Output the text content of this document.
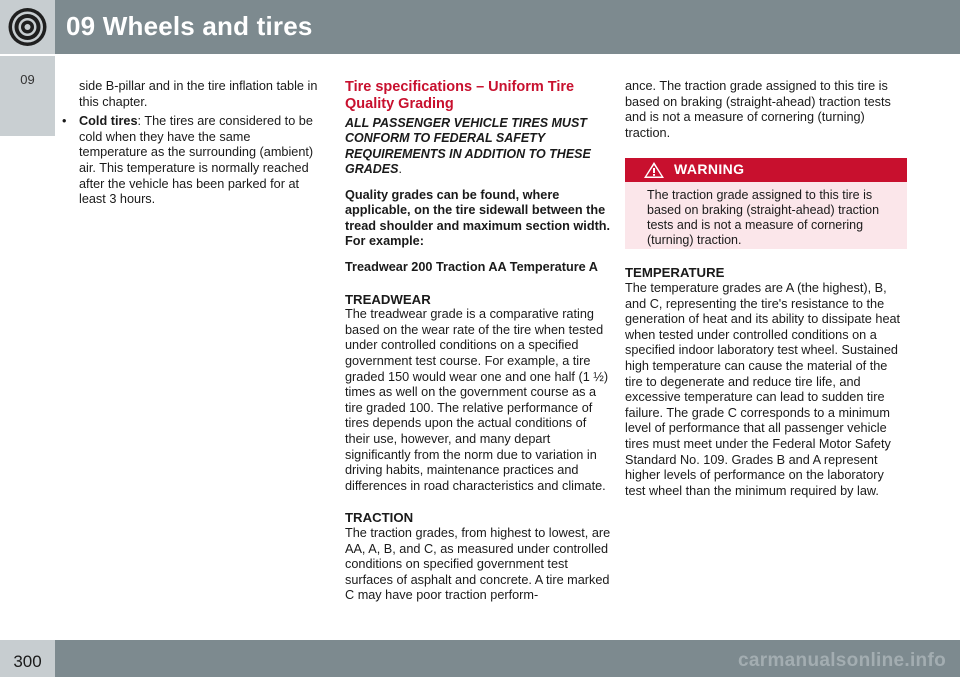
09 Wheels and tires
09	side B-pillar and in the tire inflation table in this chapter.

• Cold tires: The tires are considered to be cold when they have the same temperature as the surrounding (ambient) air. This temperature is normally reached after the vehicle has been parked for at least 3 hours.
Tire specifications – Uniform Tire Quality Grading

ALL PASSENGER VEHICLE TIRES MUST CONFORM TO FEDERAL SAFETY REQUIREMENTS IN ADDITION TO THESE GRADES.

Quality grades can be found, where applicable, on the tire sidewall between the tread shoulder and maximum section width. For example:

Treadwear 200 Traction AA Temperature A

TREADWEAR

The treadwear grade is a comparative rating based on the wear rate of the tire when tested under controlled conditions on a specified government test course. For example, a tire graded 150 would wear one and one half (1 ½) times as well on the government course as a tire graded 100. The relative performance of tires depends upon the actual conditions of their use, however, and many depart significantly from the norm due to variation in driving habits, maintenance practices and differences in road characteristics and climate.

TRACTION

The traction grades, from highest to lowest, are AA, A, B, and C, as measured under controlled conditions on specified government test surfaces of asphalt and concrete. A tire marked C may have poor traction perform-

ance. The traction grade assigned to this tire is based on braking (straight-ahead) traction tests and is not a measure of cornering (turning) traction.

WARNING
The traction grade assigned to this tire is based on braking (straight-ahead) traction tests and is not a measure of cornering (turning) traction.
TEMPERATURE

The temperature grades are A (the highest), B, and C, representing the tire's resistance to the generation of heat and its ability to dissipate heat when tested under controlled conditions on a specified indoor laboratory test wheel. Sustained high temperature can cause the material of the tire to degenerate and reduce tire life, and excessive temperature can lead to sudden tire failure. The grade C corresponds to a minimum level of performance that all passenger vehicle tires must meet under the Federal Motor Safety Standard No. 109. Grades B and A represent higher levels of performance on the laboratory test wheel than the minimum required by law.

300	carmanualsonline.info
